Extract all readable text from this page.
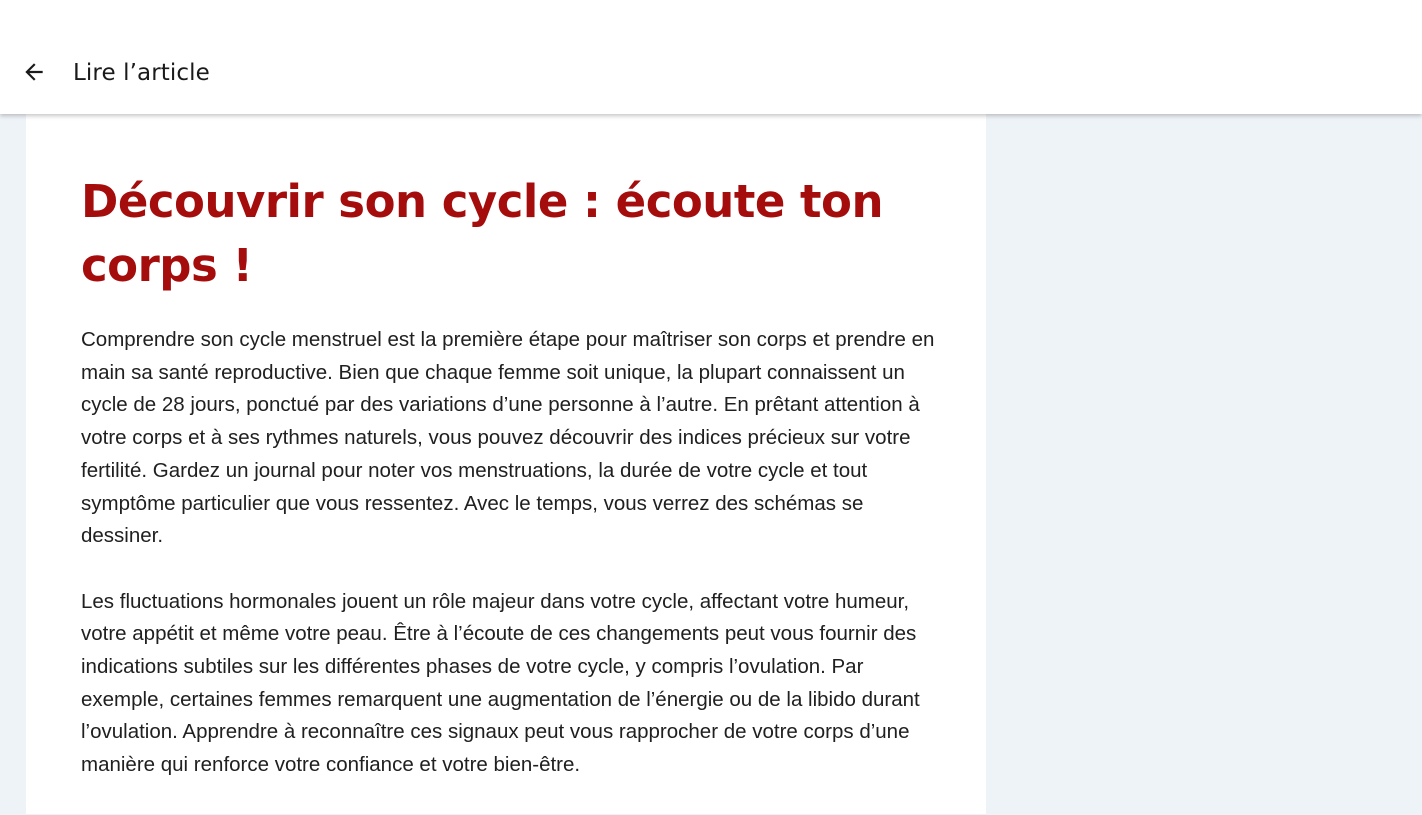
Lire l’article
Découvrir son cycle : écoute ton corps !

Comprendre son cycle menstruel est la première étape pour maîtriser son corps et prendre en main sa santé reproductive. Bien que chaque femme soit unique, la plupart connaissent un cycle de 28 jours, ponctué par des variations d’une personne à l’autre. En prêtant attention à votre corps et à ses rythmes naturels, vous pouvez découvrir des indices précieux sur votre fertilité. Gardez un journal pour noter vos menstruations, la durée de votre cycle et tout symptôme particulier que vous ressentez. Avec le temps, vous verrez des schémas se dessiner.

Les fluctuations hormonales jouent un rôle majeur dans votre cycle, affectant votre humeur, votre appétit et même votre peau. Être à l’écoute de ces changements peut vous fournir des indications subtiles sur les différentes phases de votre cycle, y compris l’ovulation. Par exemple, certaines femmes remarquent une augmentation de l’énergie ou de la libido durant l’ovulation. Apprendre à reconnaître ces signaux peut vous rapprocher de votre corps d’une manière qui renforce votre confiance et votre bien-être.
